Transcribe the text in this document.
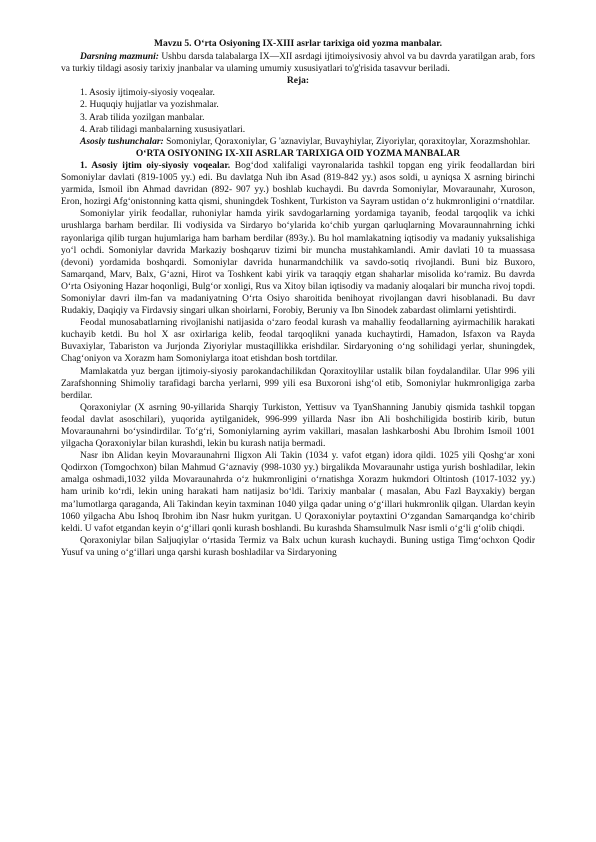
Mavzu 5. O‘rta Osiyoning IX-XIII asrlar tarixiga oid yozma manbalar.

Darsning mazmuni: Ushbu darsda talabalarga IX—XII asrdagi ijtimoiysivosiy ahvol va bu davrda yaratilgan arab, fors va turkiy tildagi asosiy tarixiy jnanbalar va ulaming umumiy xususiyatlari to'g'risida tasavvur beriladi.

Reja:

1. Asosiy ijtimoiy-siyosiy voqealar.
2. Huquqiy hujjatlar va yozishmalar.
3. Arab tilida yozilgan manbalar.
4. Arab tilidagi manbalarning xususiyatlari.

Asosiy tushunchalar: Somoniylar, Qoraxoniylar, G 'aznaviylar, Buvayhiylar, Ziyoriylar, qoraxitoylar, Xorazmshohlar.

O‘RTA OSIYONING IX-XII ASRLAR TARIXIGA OID YOZMA MANBALAR

1. Asosiy ijtim oiy-siyosiy voqealar. Bog‘dod xalifaligi vayronalarida tashkil topgan eng yirik feodallardan biri Somoniylar davlati (819-1005 yy.) edi. Bu davlatga Nuh ibn Asad (819-842 yy.) asos soldi, u ayniqsa X asrning birinchi yarmida, Ismoil ibn Ahmad davridan (892- 907 yy.) boshlab kuchaydi. Bu davrda Somoniylar, Movaraunahr, Xuroson, Eron, hozirgi Afg‘onistonning katta qismi, shuningdek Toshkent, Turkiston va Sayram ustidan o‘z hukmronligini o‘rnatdilar.

Somoniylar yirik feodallar, ruhoniylar hamda yirik savdogarlarning yordamiga tayanib, feodal tarqoqlik va ichki urushlarga barham berdilar. Ili vodiysida va Sirdaryo bo‘ylarida ko‘chib yurgan qarluqlarning Movaraunnahrning ichki rayonlariga qilib turgan hujumlariga ham barham berdilar (893y.). Bu hol mamlakatning iqtisodiy va madaniy yuksalishiga yo‘l ochdi. Somoniylar davrida Markaziy boshqaruv tizimi bir muncha mustahkamlandi. Amir davlati 10 ta muassasa (devoni) yordamida boshqardi. Somoniylar davrida hunarmandchilik va savdo-sotiq rivojlandi. Buni biz Buxoro, Samarqand, Marv, Balx, G‘azni, Hirot va Toshkent kabi yirik va taraqqiy etgan shaharlar misolida ko‘ramiz. Bu davrda O‘rta Osiyoning Hazar hoqonligi, Bulg‘or xonligi, Rus va Xitoy bilan iqtisodiy va madaniy aloqalari bir muncha rivoj topdi. Somoniylar davri ilm-fan va madaniyatning O‘rta Osiyo sharoitida benihoyat rivojlangan davri hisoblanadi. Bu davr Rudakiy, Daqiqiy va Firdavsiy singari ulkan shoirlarni, Forobiy, Beruniy va Ibn Sinodek zabardast olimlarni yetishtirdi.

Feodal munosabatlarning rivojlanishi natijasida o‘zaro feodal kurash va mahalliy feodallarning ayirmachilik harakati kuchayib ketdi. Bu hol X asr oxirlariga kelib, feodal tarqoqlikni yanada kuchaytirdi, Hamadon, Isfaxon va Rayda Buvaxiylar, Tabariston va Jurjonda Ziyoriylar mustaqillikka erishdilar. Sirdaryoning o‘ng sohilidagi yerlar, shuningdek, Chag‘oniyon va Xorazm ham Somoniylarga itoat etishdan bosh tortdilar.

Mamlakatda yuz bergan ijtimoiy-siyosiy parokandachilikdan Qoraxitoylilar ustalik bilan foydalandilar. Ular 996 yili Zarafshonning Shimoliy tarafidagi barcha yerlarni, 999 yili esa Buxoroni ishg‘ol etib, Somoniylar hukmronligiga zarba berdilar.

Qoraxoniylar (X asrning 90-yillarida Sharqiy Turkiston, Yettisuv va TyanShanning Janubiy qismida tashkil topgan feodal davlat asoschilari), yuqorida aytilganidek, 996-999 yillarda Nasr ibn Ali boshchiligida bostirib kirib, butun Movaraunahrni bo‘ysindirdilar. To‘g‘ri, Somoniylarning ayrim vakillari, masalan lashkarboshi Abu Ibrohim Ismoil 1001 yilgacha Qoraxoniylar bilan kurashdi, lekin bu kurash natija bermadi.

Nasr ibn Alidan keyin Movaraunahrni Iligxon Ali Takin (1034 y. vafot etgan) idora qildi. 1025 yili Qoshg‘ar xoni Qodirxon (Tomgochxon) bilan Mahmud G‘aznaviy (998-1030 yy.) birgalikda Movaraunahr ustiga yurish boshladilar, lekin amalga oshmadi,1032 yilda Movaraunahrda o‘z hukmronligini o‘rnatishga Xorazm hukmdori Oltintosh (1017-1032 yy.) ham urinib ko‘rdi, lekin uning harakati ham natijasiz bo‘ldi. Tarixiy manbalar ( masalan, Abu Fazl Bayxakiy) bergan ma’lumotlarga qaraganda, Ali Takindan keyin taxminan 1040 yilga qadar uning o‘g‘illari hukmronlik qilgan. Ulardan keyin 1060 yilgacha Abu Ishoq Ibrohim ibn Nasr hukm yuritgan. U Qoraxoniylar poytaxtini O‘zgandan Samarqandga ko‘chirib keldi. U vafot etgandan keyin o‘g‘illari qonli kurash boshlandi. Bu kurashda Shamsulmulk Nasr ismli o‘g‘li g‘olib chiqdi.

Qoraxoniylar bilan Saljuqiylar o‘rtasida Termiz va Balx uchun kurash kuchaydi. Buning ustiga Timg‘ochxon Qodir Yusuf va uning o‘g‘illari unga qarshi kurash boshladilar va Sirdaryoning
